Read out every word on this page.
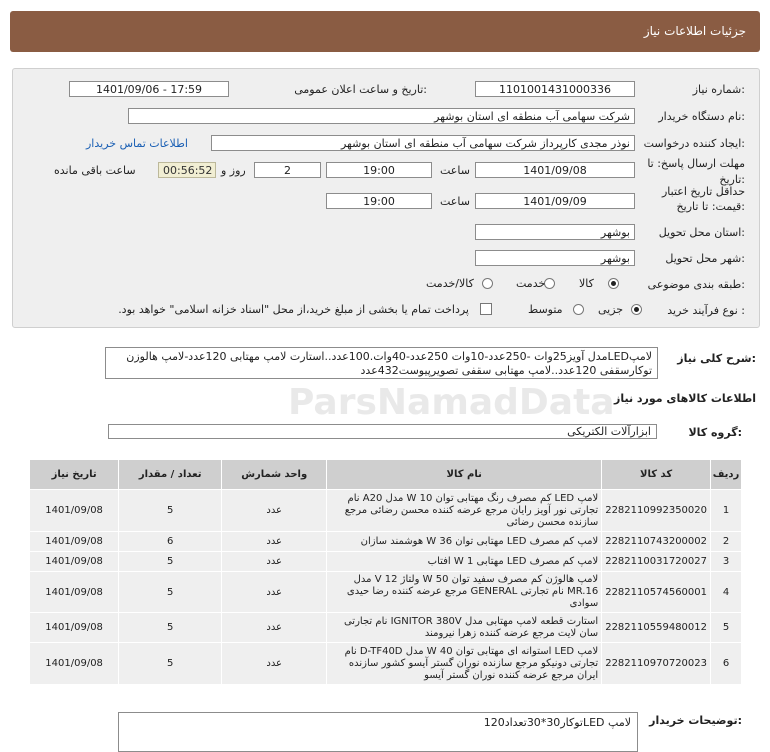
جزئیات اطلاعات نیاز
شماره نیاز:
1101001431000336
تاریخ و ساعت اعلان عمومی:
1401/09/06 - 17:59
نام دستگاه خریدار:
شرکت سهامی آب منطقه ای استان بوشهر
ایجاد کننده درخواست:
نوذر مجدی کارپرداز شرکت سهامی آب منطقه ای استان بوشهر
اطلاعات تماس خریدار
مهلت ارسال پاسخ: تا تاریخ:
1401/09/08
ساعت
19:00
2
روز و
00:56:52
ساعت باقی مانده
حداقل تاریخ اعتبار
قیمت: تا تاریخ:
1401/09/09
ساعت
19:00
استان محل تحویل:
بوشهر
شهر محل تحویل:
بوشهر
طبقه بندی موضوعی:
کالا
خدمت
کالا/خدمت
نوع فرآیند خرید :
جزیی
متوسط
پرداخت تمام یا بخشی از مبلغ خرید،از محل "اسناد خزانه اسلامی" خواهد بود.
شرح کلی نیاز:
لامپLEDمدل آویز25وات -250عدد-10وات 250عدد-40وات.100عدد..استارت لامپ مهتابی 120عدد-لامپ هالوزن توکارسقفی 120عدد..لامپ مهتابی سقفی تصویرپیوست432عدد
ParsNamadData اطلاعات کالاهای مورد نیاز
گروه کالا:
ابزارآلات الکتریکی
ردیف	کد کالا	نام کالا	واحد شمارش	تعداد / مقدار	تاریخ نیاز
1	2282110992350020	لامپ LED کم مصرف رنگ مهتابی توان 10 W مدل A20 نام تجارتی نور آویز رایان مرجع عرضه کننده محسن رضائی مرجع سازنده محسن رضائی	عدد	5	1401/09/08
2	2282110743200002	لامپ کم مصرف LED مهتابی توان 36 W هوشمند سازان	عدد	6	1401/09/08
3	2282110031720027	لامپ کم مصرف LED مهتابی 1 W افتاب	عدد	5	1401/09/08
4	2282110574560001	لامپ هالوژن کم مصرف سفید توان 50 W ولتاژ 12 V مدل MR.16 نام تجارتی GENERAL مرجع عرضه کننده رضا حیدی سوادی	عدد	5	1401/09/08
5	2282110559480012	استارت قطعه لامپ مهتابی مدل IGNITOR 380V نام تجارتی سان لایت مرجع عرضه کننده زهرا نیرومند	عدد	5	1401/09/08
6	2282110970720023	لامپ LED استوانه ای مهتابی توان 40 W مدل D-TF40D نام تجارتی دونیکو مرجع سازنده نوران گستر آیسو کشور سازنده ایران مرجع عرضه کننده نوران گستر آیسو	عدد	5	1401/09/08
توضیحات خریدار:
لامپ LEDتوکار30*30تعداد120
